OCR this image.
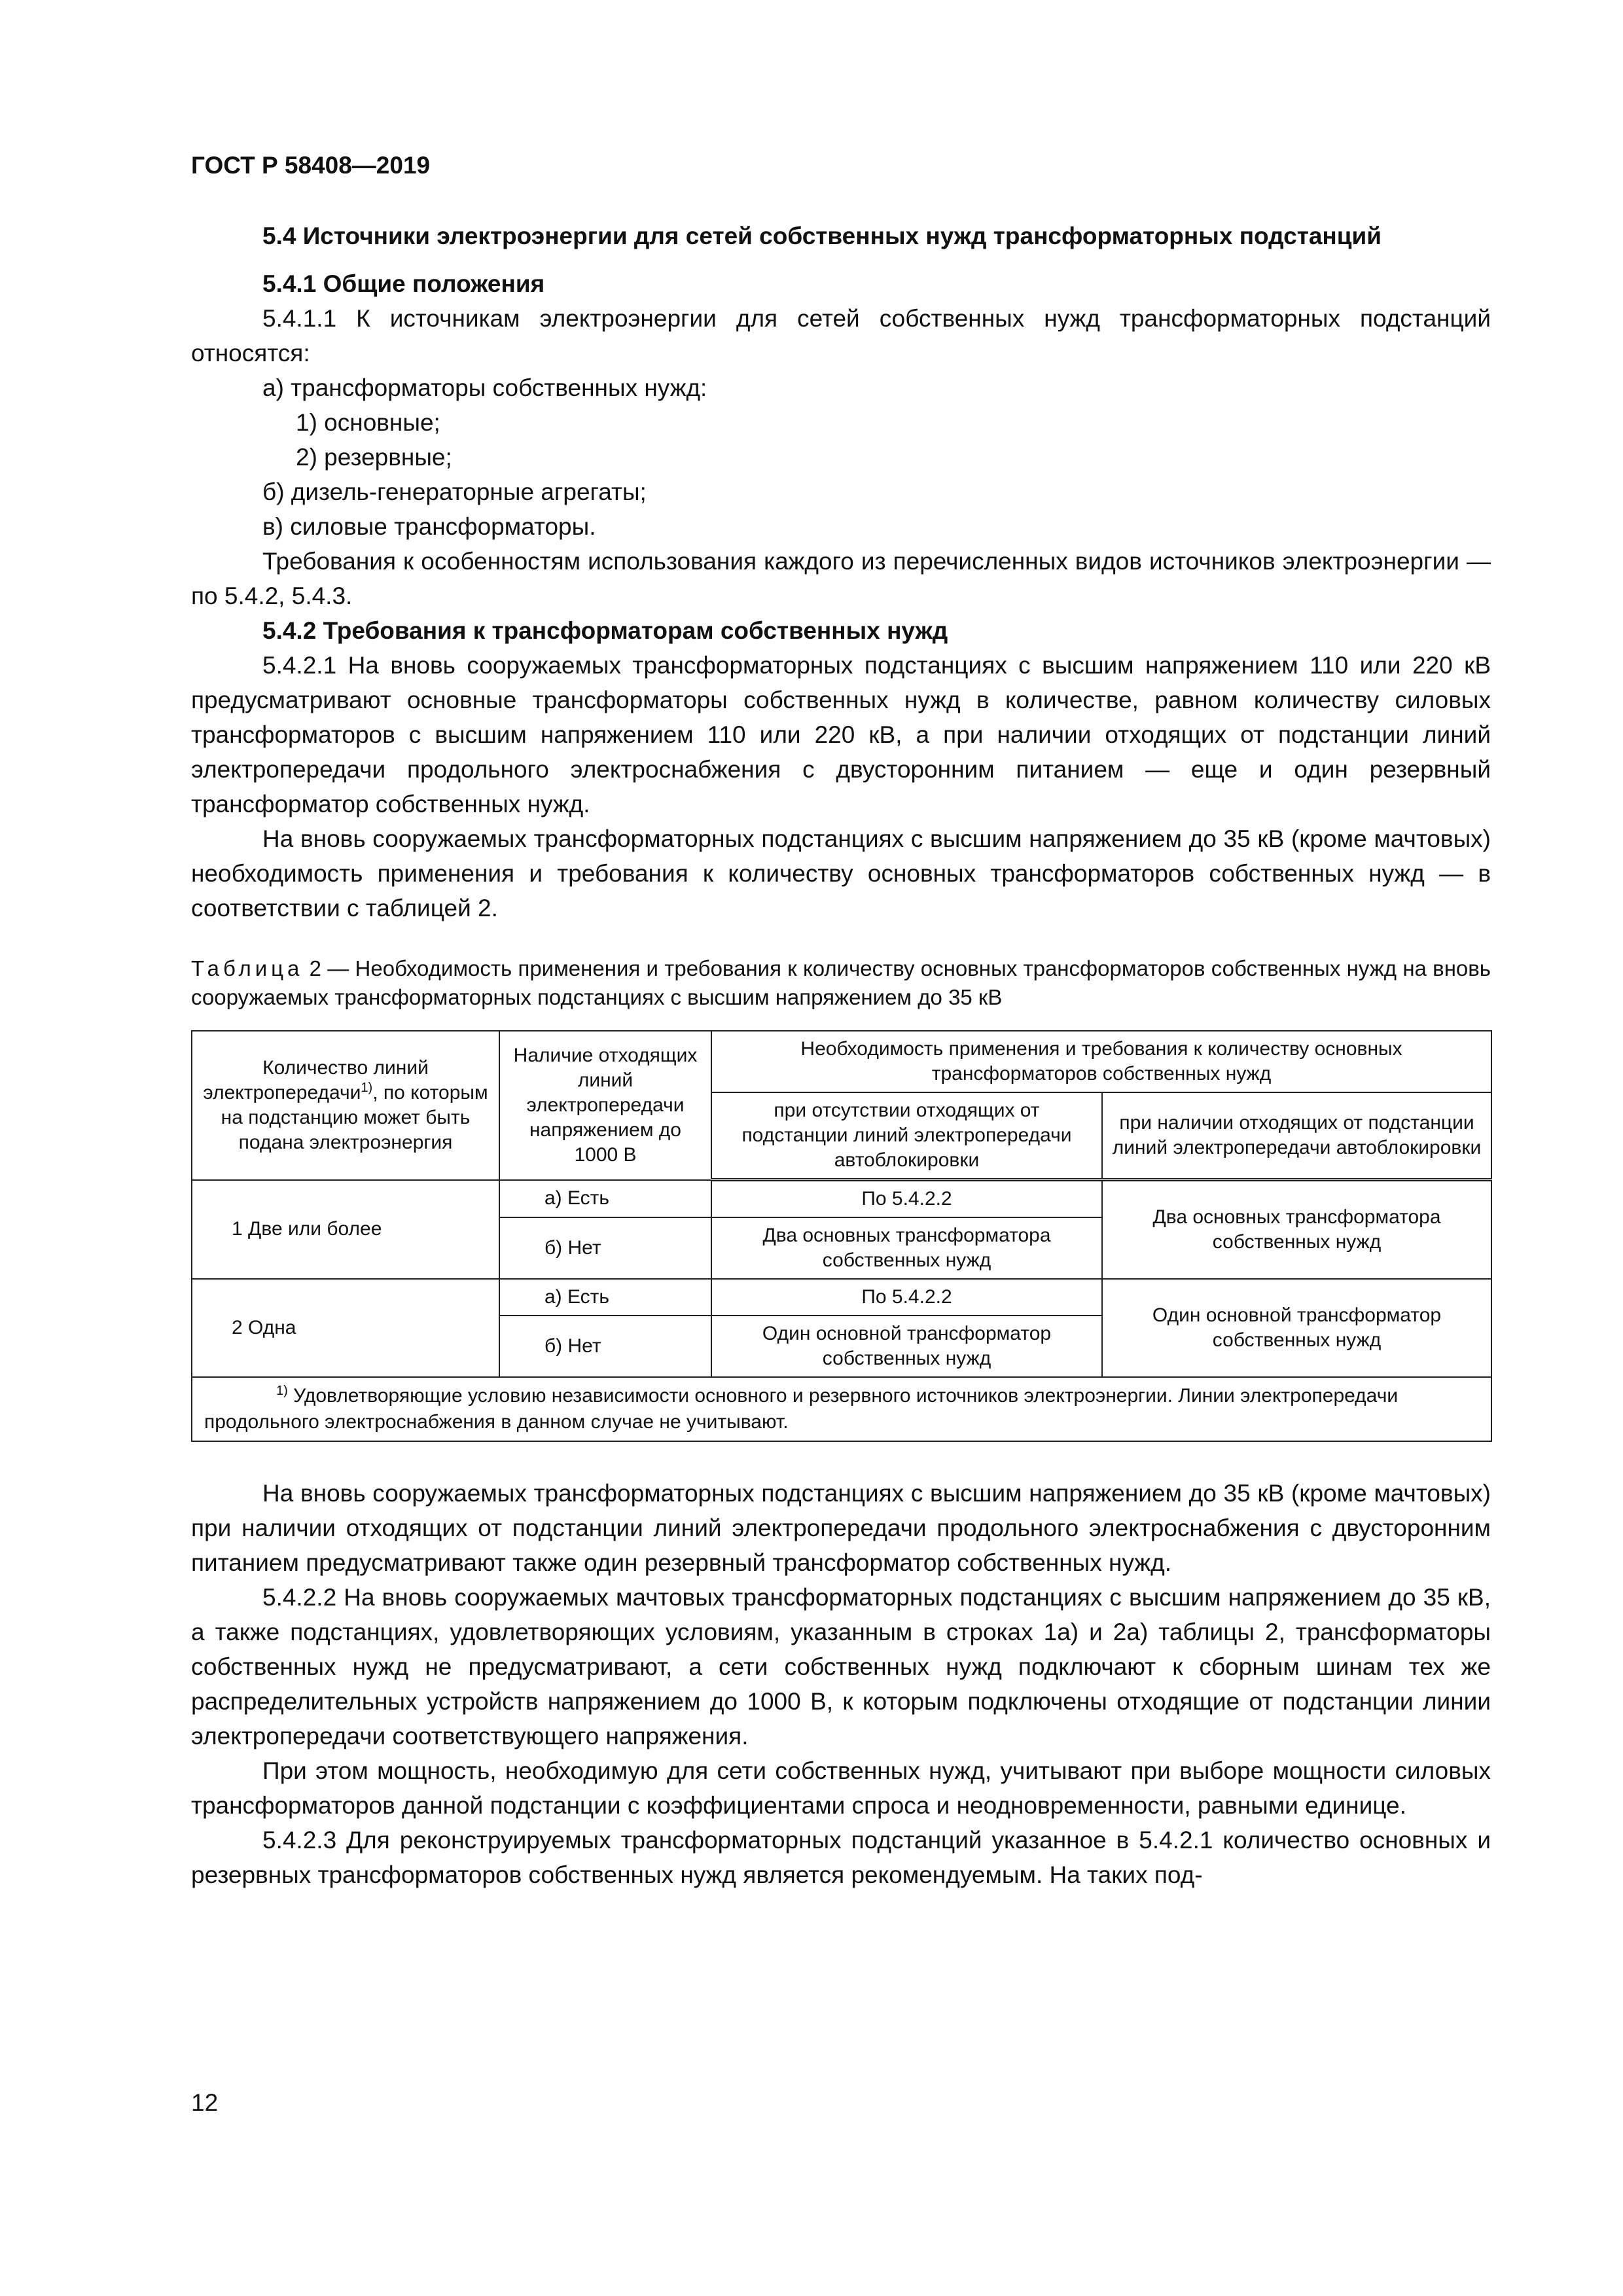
ГОСТ Р 58408—2019

5.4 Источники электроэнергии для сетей собственных нужд трансформаторных подстанций

5.4.1 Общие положения

5.4.1.1 К источникам электроэнергии для сетей собственных нужд трансформаторных подстанций относятся:

а) трансформаторы собственных нужд:

1) основные;

2) резервные;

б) дизель-генераторные агрегаты;

в) силовые трансформаторы.

Требования к особенностям использования каждого из перечисленных видов источников электроэнергии — по 5.4.2, 5.4.3.

5.4.2 Требования к трансформаторам собственных нужд

5.4.2.1 На вновь сооружаемых трансформаторных подстанциях с высшим напряжением 110 или 220 кВ предусматривают основные трансформаторы собственных нужд в количестве, равном количеству силовых трансформаторов с высшим напряжением 110 или 220 кВ, а при наличии отходящих от подстанции линий электропередачи продольного электроснабжения с двусторонним питанием — еще и один резервный трансформатор собственных нужд.

На вновь сооружаемых трансформаторных подстанциях с высшим напряжением до 35 кВ (кроме мачтовых) необходимость применения и требования к количеству основных трансформаторов собственных нужд — в соответствии с таблицей 2.

Таблица 2 — Необходимость применения и требования к количеству основных трансформаторов собственных нужд на вновь сооружаемых трансформаторных подстанциях с высшим напряжением до 35 кВ

Количество линий электропередачи$^{1)}$, по которым на подстанцию может быть подана электроэнергия	Наличие отходящих линий электропередачи напряжением до 1000 В	Необходимость применения и требования к количеству основных трансформаторов собственных нужд	
		при отсутствии отходящих от подстанции линий электропередачи автоблокировки	при наличии отходящих от подстанции линий электропередачи автоблокировки
1 Две или более	а) Есть	По 5.4.2.2	Два основных трансформатора собственных нужд
	б) Нет	Два основных трансформатора собственных нужд	
2 Одна	а) Есть	По 5.4.2.2	Один основной трансформатор собственных нужд
	б) Нет	Один основной трансформатор собственных нужд	

$^{1)}$ Удовлетворяющие условию независимости основного и резервного источников электроэнергии. Линии электропередачи продольного электроснабжения в данном случае не учитывают.			

На вновь сооружаемых трансформаторных подстанциях с высшим напряжением до 35 кВ (кроме мачтовых) при наличии отходящих от подстанции линий электропередачи продольного электроснабжения с двусторонним питанием предусматривают также один резервный трансформатор собственных нужд.

5.4.2.2 На вновь сооружаемых мачтовых трансформаторных подстанциях с высшим напряжением до 35 кВ, а также подстанциях, удовлетворяющих условиям, указанным в строках 1а) и 2а) таблицы 2, трансформаторы собственных нужд не предусматривают, а сети собственных нужд подключают к сборным шинам тех же распределительных устройств напряжением до 1000 В, к которым подключены отходящие от подстанции линии электропередачи соответствующего напряжения.

При этом мощность, необходимую для сети собственных нужд, учитывают при выборе мощности силовых трансформаторов данной подстанции с коэффициентами спроса и неодновременности, равными единице.

5.4.2.3 Для реконструируемых трансформаторных подстанций указанное в 5.4.2.1 количество основных и резервных трансформаторов собственных нужд является рекомендуемым. На таких под-

12
